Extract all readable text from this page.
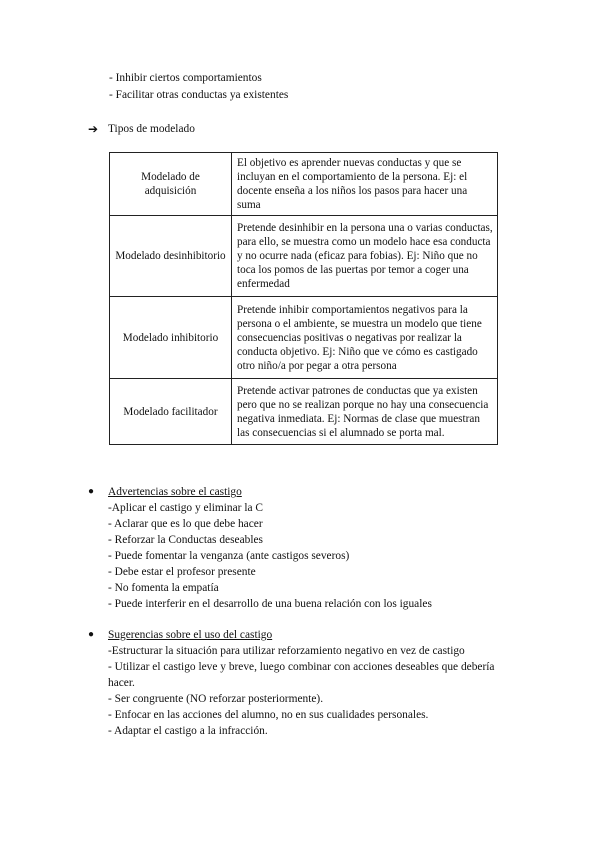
- Inhibir ciertos comportamientos
- Facilitar otras conductas ya existentes
➔ Tipos de modelado
Modelado de adquisición	El objetivo es aprender nuevas conductas y que se incluyan en el comportamiento de la persona. Ej: el docente enseña a los niños los pasos para hacer una suma
Modelado desinhibitorio	Pretende desinhibir en la persona una o varias conductas, para ello, se muestra como un modelo hace esa conducta y no ocurre nada (eficaz para fobias). Ej: Niño que no toca los pomos de las puertas por temor a coger una enfermedad
Modelado inhibitorio	Pretende inhibir comportamientos negativos para la persona o el ambiente, se muestra un modelo que tiene consecuencias positivas o negativas por realizar la conducta objetivo. Ej: Niño que ve cómo es castigado otro niño/a por pegar a otra persona
Modelado facilitador	Pretende activar patrones de conductas que ya existen pero que no se realizan porque no hay una consecuencia negativa inmediata. Ej: Normas de clase que muestran las consecuencias si el alumnado se porta mal.
● Advertencias sobre el castigo
-Aplicar el castigo y eliminar la C
- Aclarar que es lo que debe hacer
- Reforzar la Conductas deseables
- Puede fomentar la venganza (ante castigos severos)
- Debe estar el profesor presente
- No fomenta la empatía
- Puede interferir en el desarrollo de una buena relación con los iguales
● Sugerencias sobre el uso del castigo
-Estructurar la situación para utilizar reforzamiento negativo en vez de castigo
- Utilizar el castigo leve y breve, luego combinar con acciones deseables que debería
hacer.
- Ser congruente (NO reforzar posteriormente).
- Enfocar en las acciones del alumno, no en sus cualidades personales.
- Adaptar el castigo a la infracción.
